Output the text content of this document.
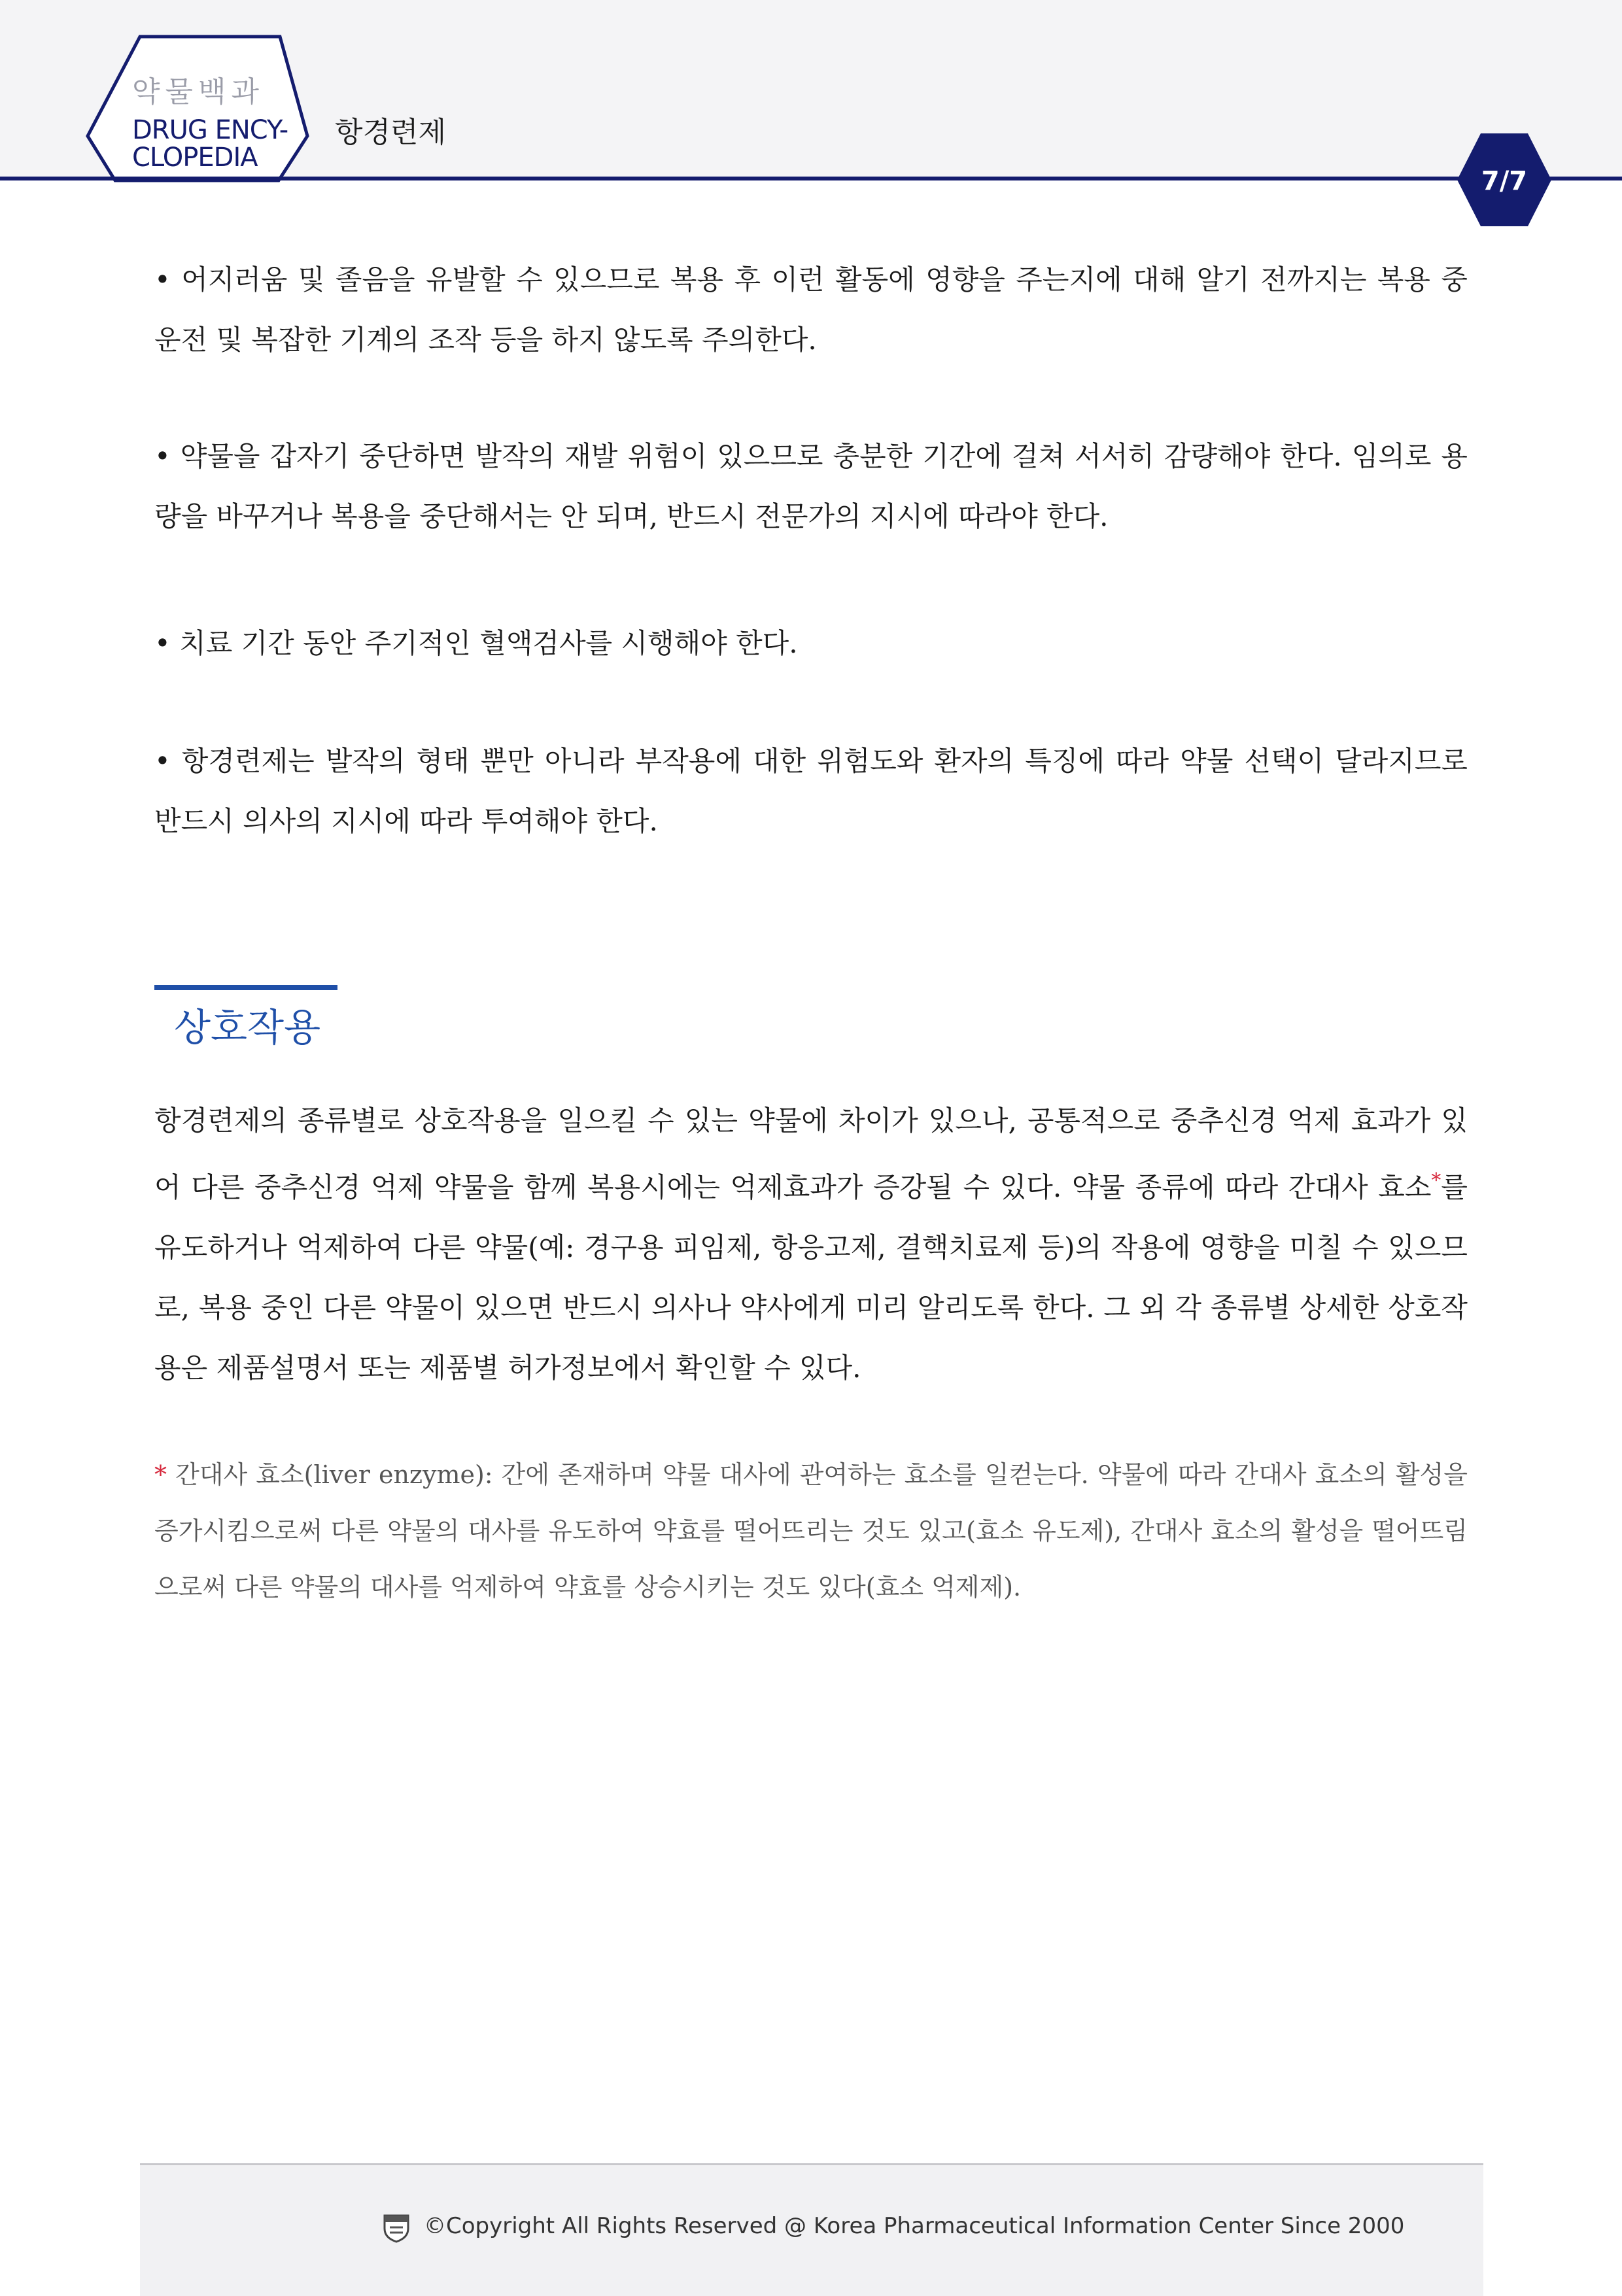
약물백과
DRUG ENCY-
CLOPEDIA
항경련제
7/7
• 어지러움 및 졸음을 유발할 수 있으므로 복용 후 이런 활동에 영향을 주는지에 대해 알기 전까지는 복용 중 운전 및 복잡한 기계의 조작 등을 하지 않도록 주의한다.
• 약물을 갑자기 중단하면 발작의 재발 위험이 있으므로 충분한 기간에 걸쳐 서서히 감량해야 한다. 임의로 용량을 바꾸거나 복용을 중단해서는 안 되며, 반드시 전문가의 지시에 따라야 한다.
• 치료 기간 동안 주기적인 혈액검사를 시행해야 한다.
• 항경련제는 발작의 형태 뿐만 아니라 부작용에 대한 위험도와 환자의 특징에 따라 약물 선택이 달라지므로 반드시 의사의 지시에 따라 투여해야 한다.
상호작용
항경련제의 종류별로 상호작용을 일으킬 수 있는 약물에 차이가 있으나, 공통적으로 중추신경 억제 효과가 있어 다른 중추신경 억제 약물을 함께 복용시에는 억제효과가 증강될 수 있다. 약물 종류에 따라 간대사 효소*를 유도하거나 억제하여 다른 약물(예: 경구용 피임제, 항응고제, 결핵치료제 등)의 작용에 영향을 미칠 수 있으므로, 복용 중인 다른 약물이 있으면 반드시 의사나 약사에게 미리 알리도록 한다. 그 외 각 종류별 상세한 상호작용은 제품설명서 또는 제품별 허가정보에서 확인할 수 있다.
* 간대사 효소(liver enzyme): 간에 존재하며 약물 대사에 관여하는 효소를 일컫는다. 약물에 따라 간대사 효소의 활성을 증가시킴으로써 다른 약물의 대사를 유도하여 약효를 떨어뜨리는 것도 있고(효소 유도제), 간대사 효소의 활성을 떨어뜨림으로써 다른 약물의 대사를 억제하여 약효를 상승시키는 것도 있다(효소 억제제).
©Copyright All Rights Reserved @ Korea Pharmaceutical Information Center Since 2000
